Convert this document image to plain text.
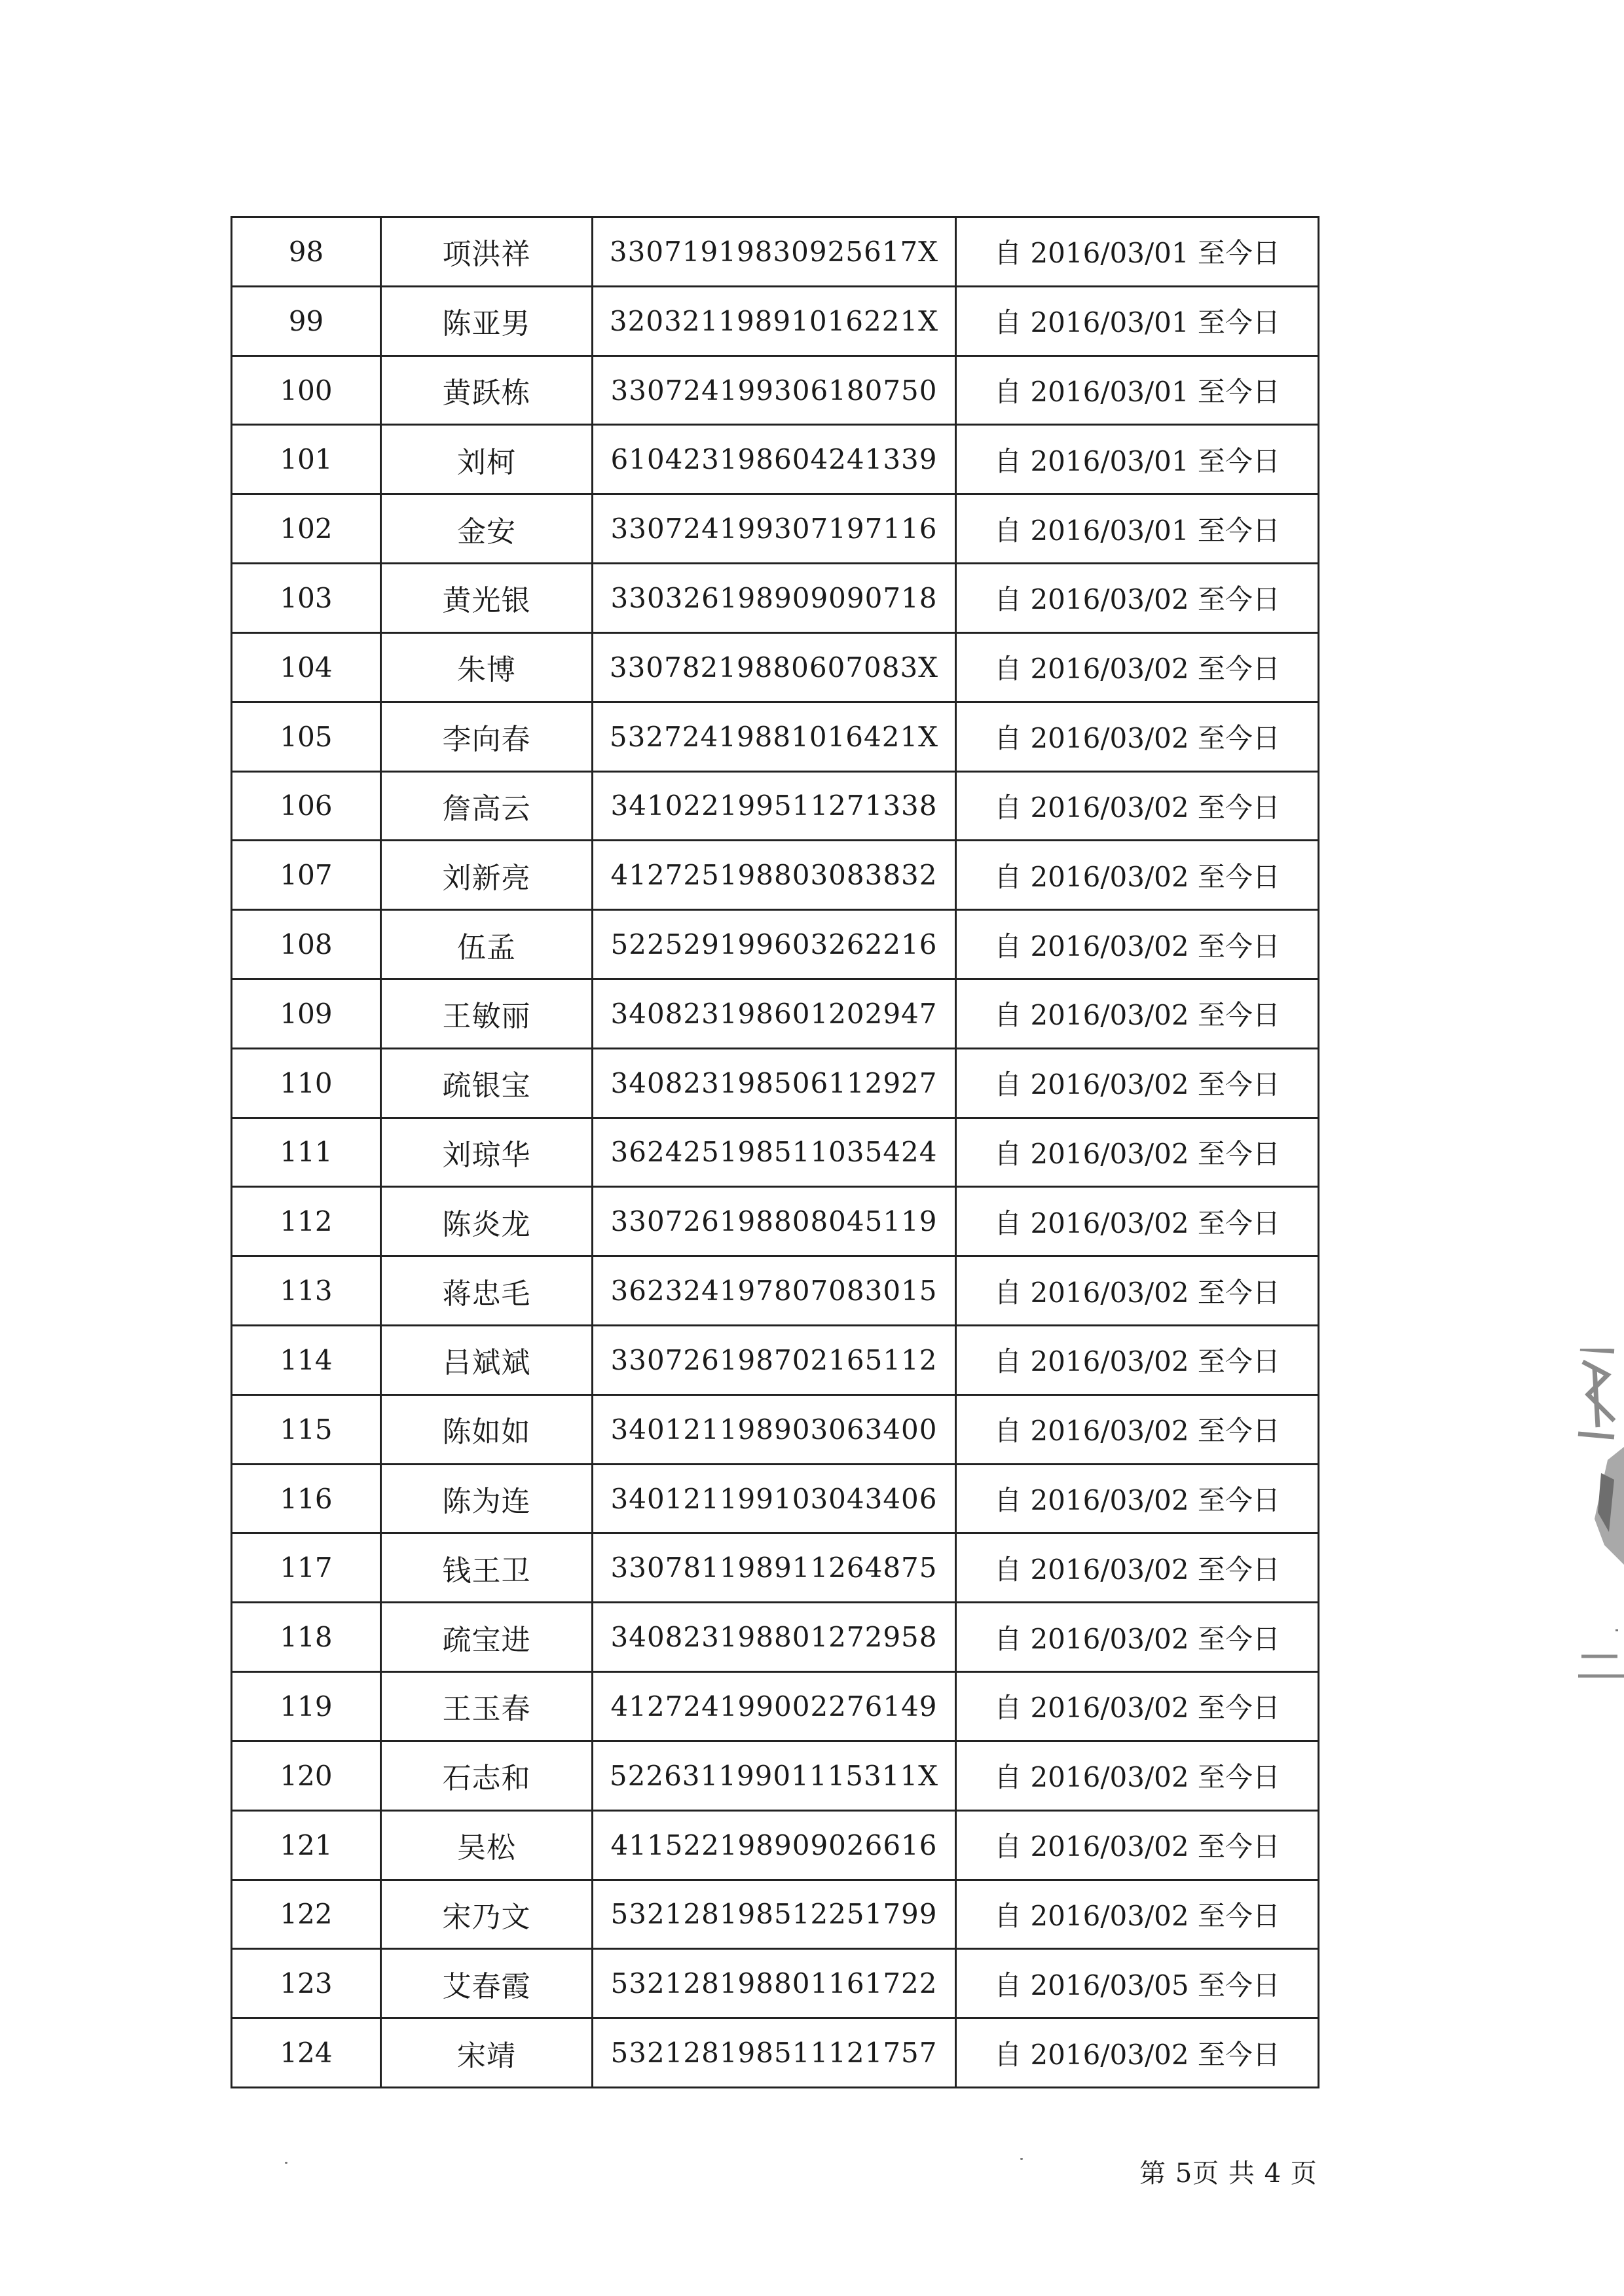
98	项洪祥	33071919830925617X	自 2016/03/01 至今日
99	陈亚男	32032119891016221X	自 2016/03/01 至今日
100	黄跃栋	330724199306180750	自 2016/03/01 至今日
101	刘柯	610423198604241339	自 2016/03/01 至今日
102	金安	330724199307197116	自 2016/03/01 至今日
103	黄光银	330326198909090718	自 2016/03/02 至今日
104	朱博	33078219880607083X	自 2016/03/02 至今日
105	李向春	53272419881016421X	自 2016/03/02 至今日
106	詹高云	341022199511271338	自 2016/03/02 至今日
107	刘新亮	412725198803083832	自 2016/03/02 至今日
108	伍孟	522529199603262216	自 2016/03/02 至今日
109	王敏丽	340823198601202947	自 2016/03/02 至今日
110	疏银宝	340823198506112927	自 2016/03/02 至今日
111	刘琼华	362425198511035424	自 2016/03/02 至今日
112	陈炎龙	330726198808045119	自 2016/03/02 至今日
113	蒋忠毛	362324197807083015	自 2016/03/02 至今日
114	吕斌斌	330726198702165112	自 2016/03/02 至今日
115	陈如如	340121198903063400	自 2016/03/02 至今日
116	陈为连	340121199103043406	自 2016/03/02 至今日
117	钱王卫	330781198911264875	自 2016/03/02 至今日
118	疏宝进	340823198801272958	自 2016/03/02 至今日
119	王玉春	412724199002276149	自 2016/03/02 至今日
120	石志和	52263119901115311X	自 2016/03/02 至今日
121	吴松	411522198909026616	自 2016/03/02 至今日
122	宋乃文	532128198512251799	自 2016/03/02 至今日
123	艾春霞	532128198801161722	自 2016/03/05 至今日
124	宋靖	532128198511121757	自 2016/03/02 至今日
第 5页 共 4 页
